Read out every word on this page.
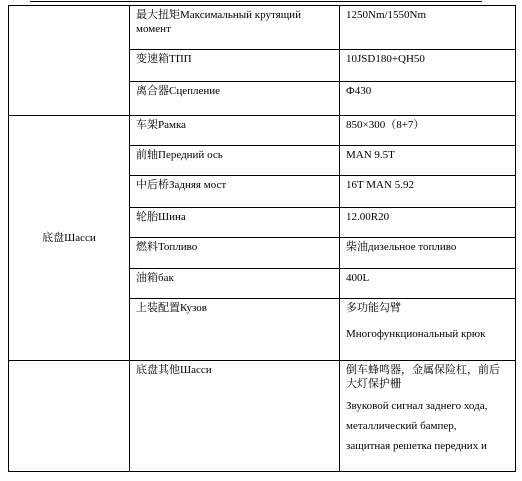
	最大扭矩Максимальный крутящий
момент	1250Nm/1550Nm

	变速箱ТПП	10JSD180+QH50

	离合器Сцепление	Ф430

底盘Шасси	车架Рамка	850×300（8+7）

	前轴Передний ось	MAN 9.5T

	中后桥Задняя мост	16T MAN 5.92

	轮胎Шина	12.00R20

	燃料Топливо	柴油дизельное топливо

	油箱бак	400L

	上装配置Кузов	多功能勾臂
Многофункциональный крюк

	底盘其他Шасси	倒车蜂鸣器，金属保险杠，前后
大灯保护栅
Звуковой сигнал заднего хода,
металлический бампер,
защитная решетка передних и
